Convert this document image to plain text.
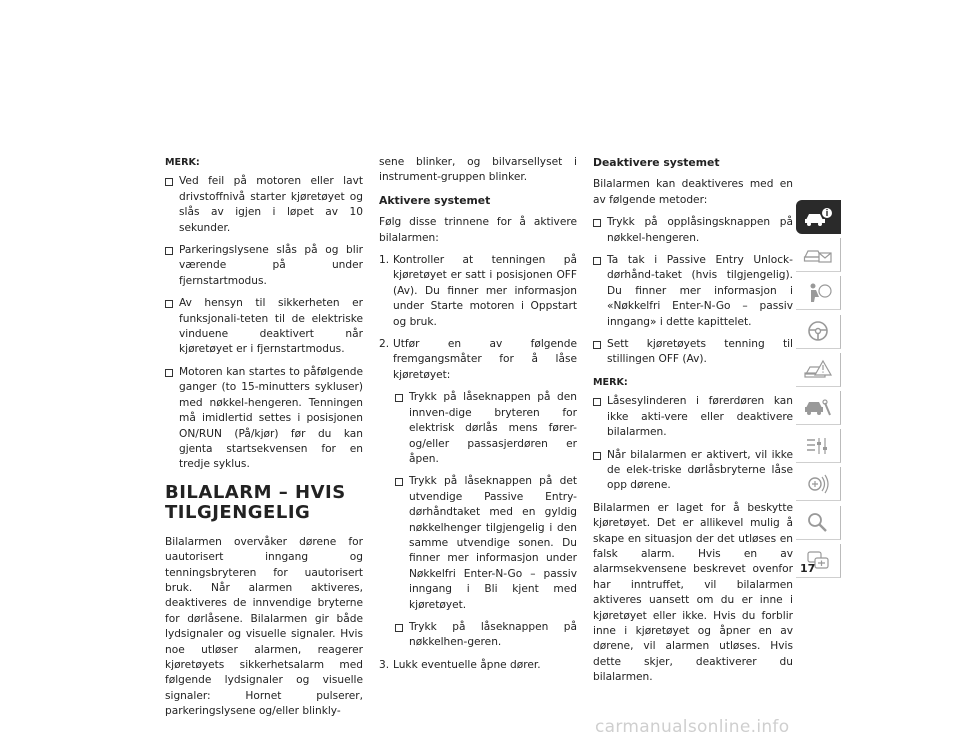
MERK:
Ved feil på motoren eller lavt drivstoffnivå starter kjøretøyet og slås av igjen i løpet av 10 sekunder.
Parkeringslysene slås på og blir værende på under fjernstartmodus.
Av hensyn til sikkerheten er funksjonali-teten til de elektriske vinduene deaktivert når kjøretøyet er i fjernstartmodus.
Motoren kan startes to påfølgende ganger (to 15-minutters sykluser) med nøkkel-hengeren. Tenningen må imidlertid settes i posisjonen ON/RUN (På/kjør) før du kan gjenta startsekvensen for en tredje syklus.
BILALARM – HVIS TILGJENGELIG

Bilalarmen overvåker dørene for uautorisert inngang og tenningsbryteren for uautorisert bruk. Når alarmen aktiveres, deaktiveres de innvendige bryterne for dørlåsene. Bilalarmen gir både lydsignaler og visuelle signaler. Hvis noe utløser alarmen, reagerer kjøretøyets sikkerhetsalarm med følgende lydsignaler og visuelle signaler: Hornet pulserer, parkeringslysene og/eller blinkly-

sene blinker, og bilvarsellyset i instrument-gruppen blinker.

Aktivere systemet

Følg disse trinnene for å aktivere bilalarmen:

1. Kontroller at tenningen på kjøretøyet er satt i posisjonen OFF (Av). Du finner mer informasjon under Starte motoren i Oppstart og bruk.
2. Utfør en av følgende fremgangsmåter for å låse kjøretøyet:
Trykk på låseknappen på den innven-dige bryteren for elektrisk dørlås mens fører- og/eller passasjerdøren er åpen.
Trykk på låseknappen på det utvendige Passive Entry-dørhåndtaket med en gyldig nøkkelhenger tilgjengelig i den samme utvendige sonen. Du finner mer informasjon under Nøkkelfri Enter-N-Go – passiv inngang i Bli kjent med kjøretøyet.
Trykk på låseknappen på nøkkelhen-geren.
3. Lukk eventuelle åpne dører.
Deaktivere systemet

Bilalarmen kan deaktiveres med en av følgende metoder:

Trykk på opplåsingsknappen på nøkkel-hengeren.
Ta tak i Passive Entry Unlock-dørhånd-taket (hvis tilgjengelig). Du finner mer informasjon i «Nøkkelfri Enter-N-Go – passiv inngang» i dette kapittelet.
Sett kjøretøyets tenning til stillingen OFF (Av).
MERK:
Låsesylinderen i førerdøren kan ikke akti-vere eller deaktivere bilalarmen.
Når bilalarmen er aktivert, vil ikke de elek-triske dørlåsbryterne låse opp dørene.

Bilalarmen er laget for å beskytte kjøretøyet. Det er allikevel mulig å skape en situasjon der det utløses en falsk alarm. Hvis en av alarmsekvensene beskrevet ovenfor har inntruffet, vil bilalarmen aktiveres uansett om du er inne i kjøretøyet eller ikke. Hvis du forblir inne i kjøretøyet og åpner en av dørene, vil alarmen utløses. Hvis dette skjer, deaktiverer du bilalarmen.

17
carmanualsonline.info
